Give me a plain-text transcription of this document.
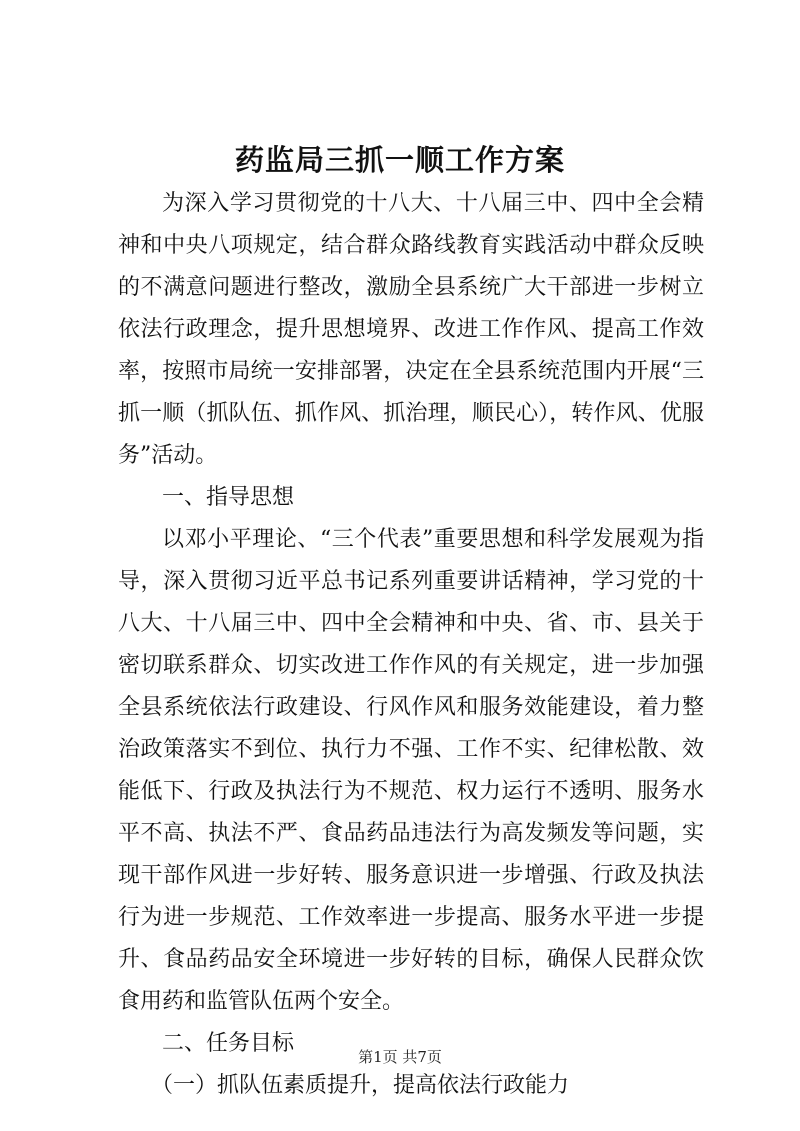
药监局三抓一顺工作方案

为深入学习贯彻党的十八大、十八届三中、四中全会精神和中央八项规定，结合群众路线教育实践活动中群众反映的不满意问题进行整改，激励全县系统广大干部进一步树立依法行政理念，提升思想境界、改进工作作风、提高工作效率，按照市局统一安排部署，决定在全县系统范围内开展“三抓一顺（抓队伍、抓作风、抓治理，顺民心），转作风、优服务”活动。

一、指导思想

以邓小平理论、“三个代表”重要思想和科学发展观为指导，深入贯彻习近平总书记系列重要讲话精神，学习党的十八大、十八届三中、四中全会精神和中央、省、市、县关于密切联系群众、切实改进工作作风的有关规定，进一步加强全县系统依法行政建设、行风作风和服务效能建设，着力整治政策落实不到位、执行力不强、工作不实、纪律松散、效能低下、行政及执法行为不规范、权力运行不透明、服务水平不高、执法不严、食品药品违法行为高发频发等问题，实现干部作风进一步好转、服务意识进一步增强、行政及执法行为进一步规范、工作效率进一步提高、服务水平进一步提升、食品药品安全环境进一步好转的目标，确保人民群众饮食用药和监管队伍两个安全。

二、任务目标

（一）抓队伍素质提升，提高依法行政能力

第1页 共7页
